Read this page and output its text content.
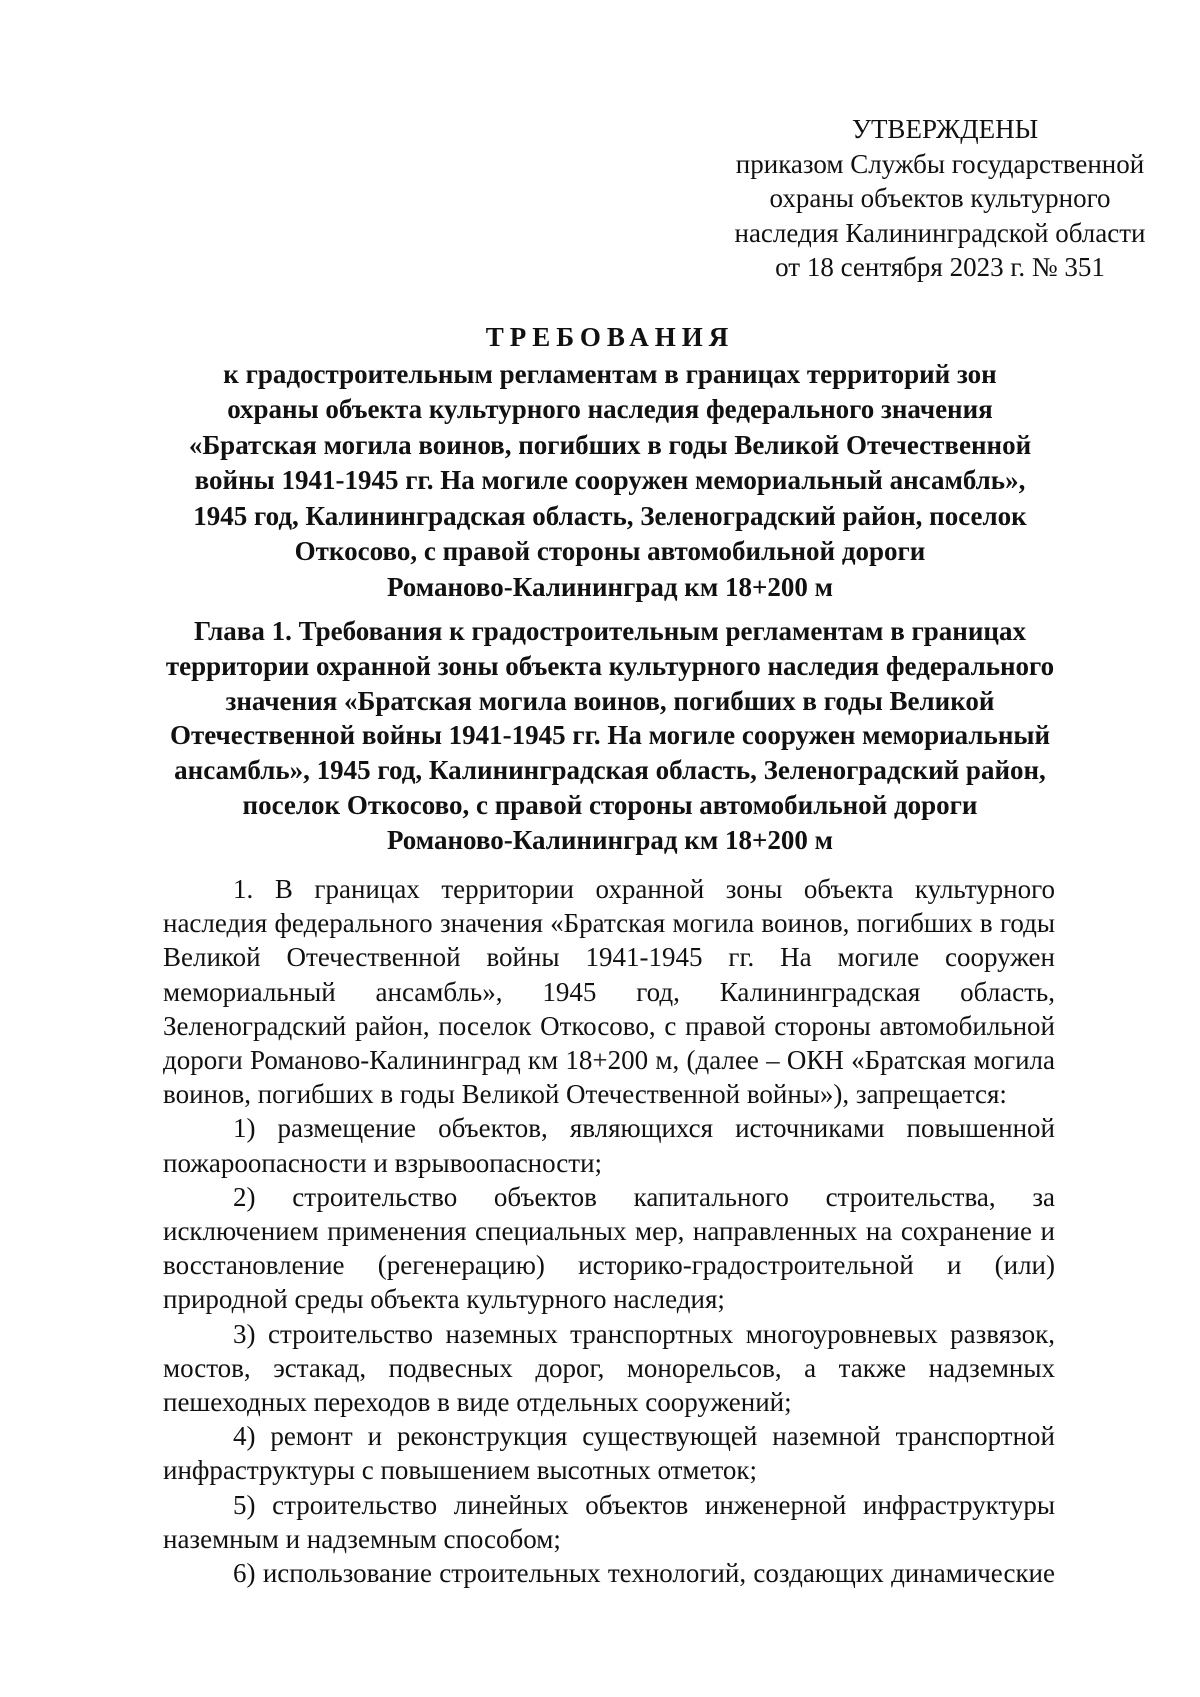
УТВЕРЖДЕНЫ
приказом Службы государственной
охраны объектов культурного
наследия Калининградской области
от 18 сентября 2023 г. № 351
ТРЕБОВАНИЯ
к градостроительным регламентам в границах территорий зон
охраны объекта культурного наследия федерального значения
«Братская могила воинов, погибших в годы Великой Отечественной
войны 1941-1945 гг. На могиле сооружен мемориальный ансамбль»,
1945 год, Калининградская область, Зеленоградский район, поселок
Откосово, с правой стороны автомобильной дороги
Романово-Калининград км 18+200 м
Глава 1. Требования к градостроительным регламентам в границах
территории охранной зоны объекта культурного наследия федерального
значения «Братская могила воинов, погибших в годы Великой
Отечественной войны 1941-1945 гг. На могиле сооружен мемориальный
ансамбль», 1945 год, Калининградская область, Зеленоградский район,
поселок Откосово, с правой стороны автомобильной дороги
Романово-Калининград км 18+200 м

1. В границах территории охранной зоны объекта культурного наследия федерального значения «Братская могила воинов, погибших в годы Великой Отечественной войны 1941-1945 гг. На могиле сооружен мемориальный ансамбль», 1945 год, Калининградская область, Зеленоградский район, поселок Откосово, с правой стороны автомобильной дороги Романово-Калининград км 18+200 м, (далее – ОКН «Братская могила воинов, погибших в годы Великой Отечественной войны»), запрещается:

1) размещение объектов, являющихся источниками повышенной пожароопасности и взрывоопасности;

2) строительство объектов капитального строительства, за исключением применения специальных мер, направленных на сохранение и восстановление (регенерацию) историко-градостроительной и (или) природной среды объекта культурного наследия;

3) строительство наземных транспортных многоуровневых развязок, мостов, эстакад, подвесных дорог, монорельсов, а также надземных пешеходных переходов в виде отдельных сооружений;

4) ремонт и реконструкция существующей наземной транспортной инфраструктуры с повышением высотных отметок;

5) строительство линейных объектов инженерной инфраструктуры наземным и надземным способом;

6) использование строительных технологий, создающих динамические
